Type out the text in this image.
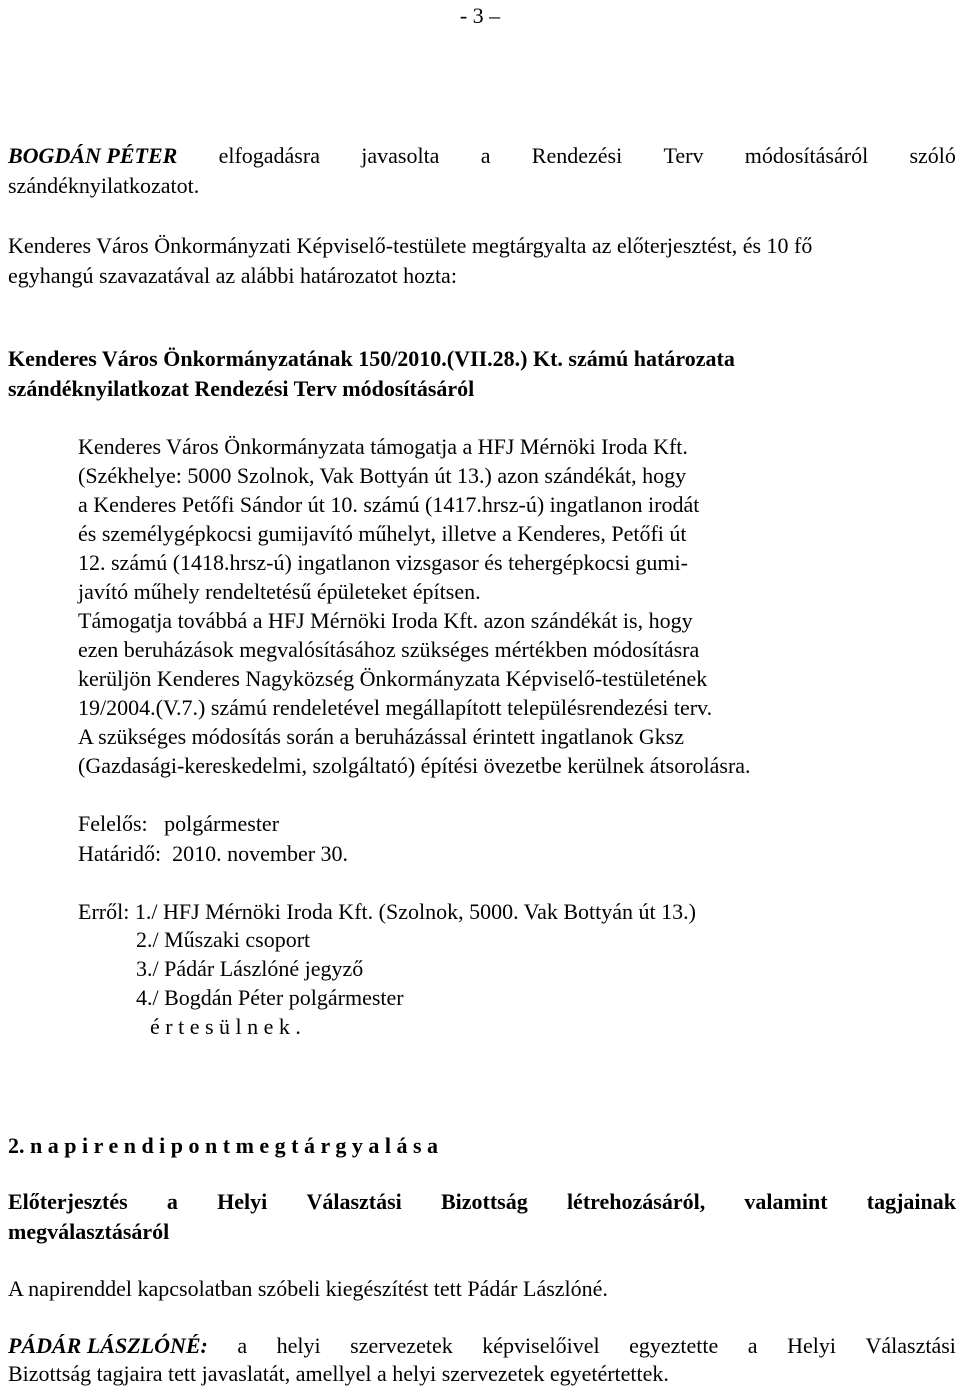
- 3 –
BOGDÁN PÉTER elfogadásra javasolta a Rendezési Terv módosításáról szóló
szándéknyilatkozatot.
Kenderes Város Önkormányzati Képviselő-testülete megtárgyalta az előterjesztést, és 10 fő
egyhangú szavazatával az alábbi határozatot hozta:
Kenderes Város Önkormányzatának 150/2010.(VII.28.) Kt. számú határozata
szándéknyilatkozat Rendezési Terv módosításáról
Kenderes Város Önkormányzata támogatja a HFJ Mérnöki Iroda Kft.
(Székhelye: 5000 Szolnok, Vak Bottyán út 13.) azon szándékát, hogy
a Kenderes Petőfi Sándor út 10. számú (1417.hrsz-ú) ingatlanon irodát
és személygépkocsi gumijavító műhelyt, illetve a Kenderes, Petőfi út
12. számú (1418.hrsz-ú) ingatlanon vizsgasor és tehergépkocsi gumi-
javító műhely rendeltetésű épületeket építsen.
Támogatja továbbá a HFJ Mérnöki Iroda Kft. azon szándékát is, hogy
ezen beruházások megvalósításához szükséges mértékben módosításra
kerüljön Kenderes Nagyközség Önkormányzata Képviselő-testületének
19/2004.(V.7.) számú rendeletével megállapított településrendezési terv.
A szükséges módosítás során a beruházással érintett ingatlanok Gksz
(Gazdasági-kereskedelmi, szolgáltató) építési övezetbe kerülnek átsorolásra.
Felelős: polgármester
Határidő: 2010. november 30.
Erről: 1./ HFJ Mérnöki Iroda Kft. (Szolnok, 5000. Vak Bottyán út 13.)
2./ Műszaki csoport
3./ Pádár Lászlóné jegyző
4./ Bogdán Péter polgármester
é r t e s ü l n e k .
2. n a p i r e n d i p o n t m e g t á r g y a l á s a
Előterjesztés a Helyi Választási Bizottság létrehozásáról, valamint tagjainak
megválasztásáról
A napirenddel kapcsolatban szóbeli kiegészítést tett Pádár Lászlóné.
PÁDÁR LÁSZLÓNÉ: a helyi szervezetek képviselőivel egyeztette a Helyi Választási
Bizottság tagjaira tett javaslatát, amellyel a helyi szervezetek egyetértettek.
